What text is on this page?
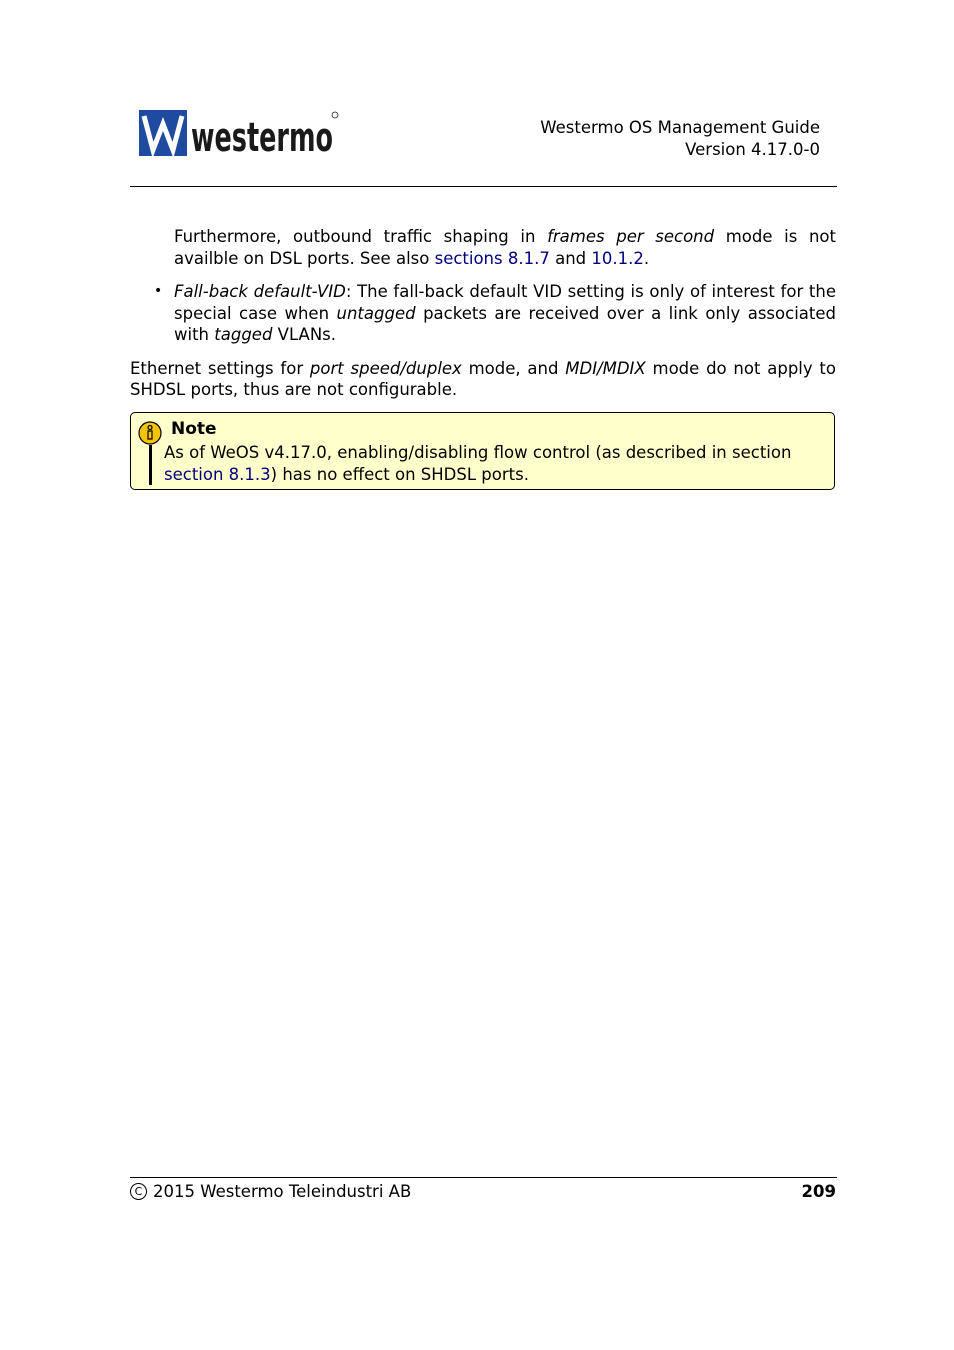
westermo	Westermo OS Management Guide
Version 4.17.0-0

Furthermore, outbound traffic shaping in frames per second mode is not availble on DSL ports. See also sections 8.1.7 and 10.1.2.

• Fall-back default-VID: The fall-back default VID setting is only of interest for the special case when untagged packets are received over a link only associated with tagged VLANs.

Ethernet settings for port speed/duplex mode, and MDI/MDIX mode do not apply to SHDSL ports, thus are not configurable.

Note
As of WeOS v4.17.0, enabling/disabling flow control (as described in section section 8.1.3) has no effect on SHDSL ports.
C 2015 Westermo Teleindustri AB	209
